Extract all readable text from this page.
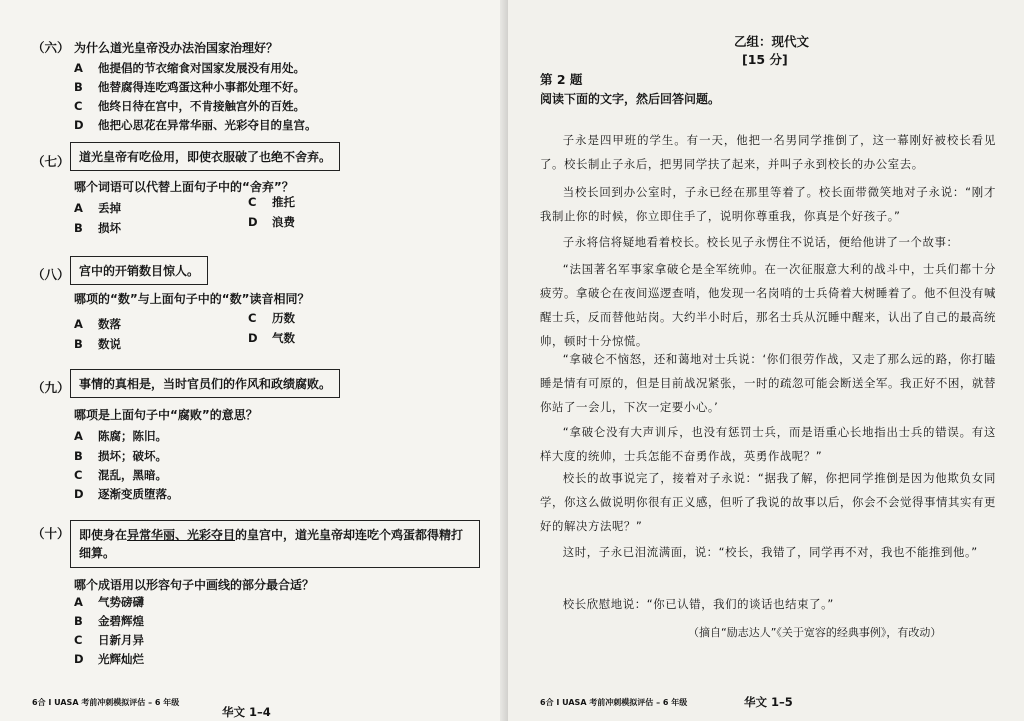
（六） 为什么道光皇帝没办法治国家治理好？
A 他提倡的节衣缩食对国家发展没有用处。
B 他替腐得连吃鸡蛋这种小事都处理不好。
C 他终日待在宫中，不肯接触宫外的百姓。
D 他把心思花在异常华丽、光彩夺目的皇宫。
（七） 道光皇帝有吃俭用，即使衣服破了也绝不舍弃。
哪个词语可以代替上面句子中的“舍弃”？
A 丢掉
B 损坏
C 推托
D 浪费
（八） 宫中的开销数目惊人。
哪项的“数”与上面句子中的“数”读音相同？
A 数落
B 数说
C 历数
D 气数
（九） 事情的真相是，当时官员们的作风和政绩腐败。
哪项是上面句子中“腐败”的意思？
A 陈腐；陈旧。
B 损坏；破坏。
C 混乱，黑暗。
D 逐渐变质堕落。
（十） 即使身在异常华丽、光彩夺目的皇宫中，道光皇帝却连吃个鸡蛋都得精打细算。
哪个成语用以形容句子中画线的部分最合适？
A 气势磅礴
B 金碧辉煌
C 日新月异
D 光辉灿烂
6合 I UASA 考前冲刺模拟评估 – 6 年级
华文 1–4
乙组：现代文
[15 分]
第 2 题
阅读下面的文字，然后回答问题。
子永是四甲班的学生。有一天，他把一名男同学推倒了，这一幕刚好被校长看见了。校长制止子永后，把男同学扶了起来，并叫子永到校长的办公室去。
当校长回到办公室时，子永已经在那里等着了。校长面带微笑地对子永说：“刚才我制止你的时候，你立即住手了，说明你尊重我，你真是个好孩子。”
子永将信将疑地看着校长。校长见子永愣住不说话，便给他讲了一个故事：
“法国著名军事家拿破仑是全军统帅。在一次征服意大利的战斗中，士兵们都十分疲劳。拿破仑在夜间巡逻查哨，他发现一名岗哨的士兵倚着大树睡着了。他不但没有喊醒士兵，反而替他站岗。大约半小时后，那名士兵从沉睡中醒来，认出了自己的最高统帅，顿时十分惊慌。
“拿破仑不恼怒，还和蔼地对士兵说：‘你们很劳作战，又走了那么远的路，你打瞌睡是情有可原的，但是目前战况紧张，一时的疏忽可能会断送全军。我正好不困，就替你站了一会儿，下次一定要小心。’
“拿破仑没有大声训斥，也没有惩罚士兵，而是语重心长地指出士兵的错误。有这样大度的统帅，士兵怎能不奋勇作战，英勇作战呢？”
校长的故事说完了，接着对子永说：“据我了解，你把同学推倒是因为他欺负女同学，你这么做说明你很有正义感，但听了我说的故事以后，你会不会觉得事情其实有更好的解决方法呢？”
这时，子永已泪流满面，说：“校长，我错了，同学再不对，我也不能推到他。”
校长欣慰地说：“你已认错，我们的谈话也结束了。”
（摘自“励志达人”《关于宽容的经典事例》，有改动）
6合 I UASA 考前冲刺模拟评估 – 6 年级	华文 1–5
